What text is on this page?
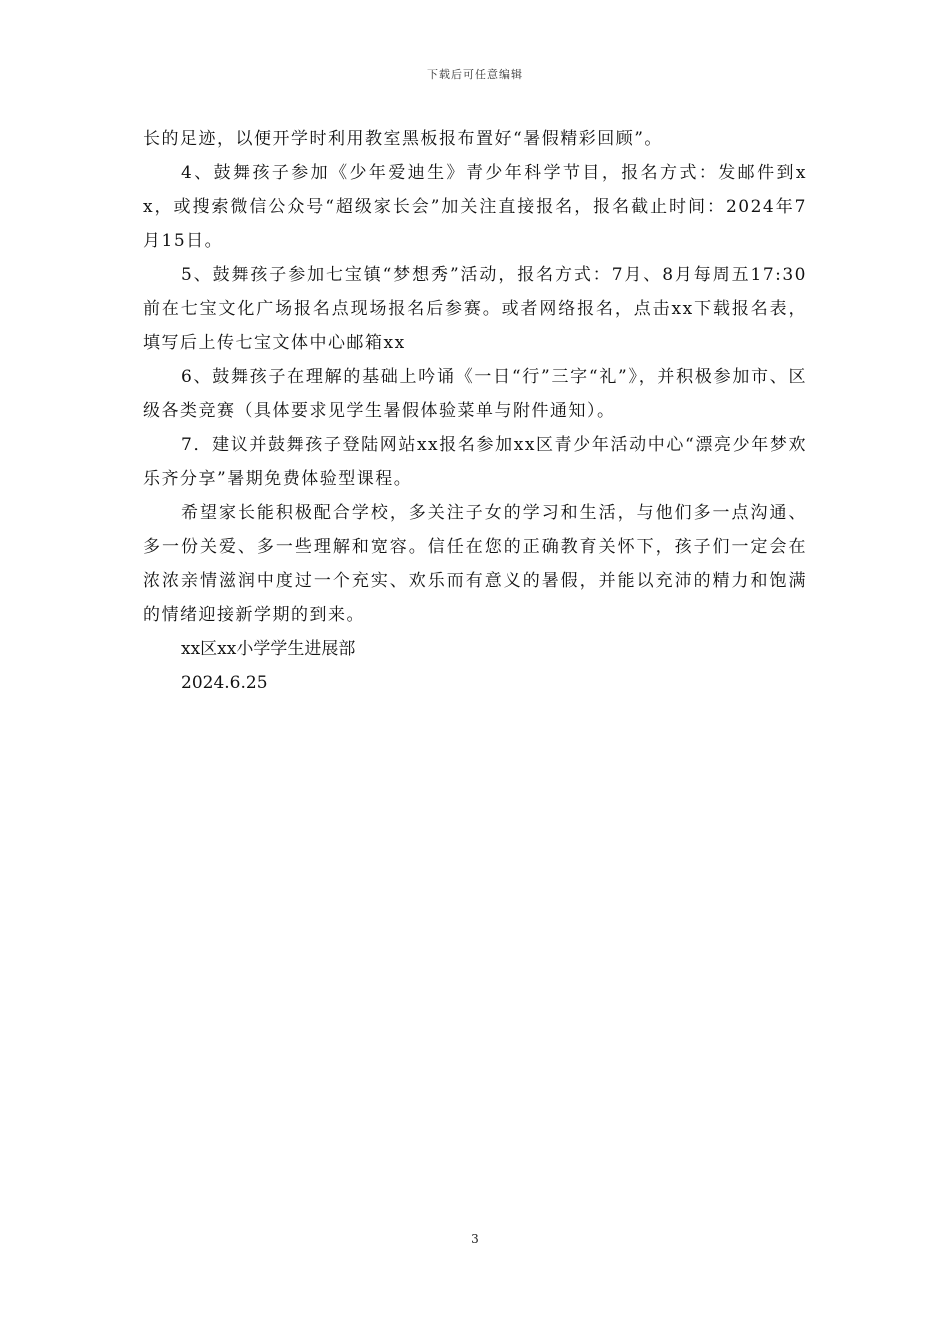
下载后可任意编辑

长的足迹，以便开学时利用教室黑板报布置好“暑假精彩回顾”。

4、鼓舞孩子参加《少年爱迪生》青少年科学节目，报名方式：发邮件到xx，或搜索微信公众号“超级家长会”加关注直接报名，报名截止时间：2024年7月15日。

5、鼓舞孩子参加七宝镇“梦想秀”活动，报名方式：7月、8月每周五17:30前在七宝文化广场报名点现场报名后参赛。或者网络报名，点击xx下载报名表，填写后上传七宝文体中心邮箱xx

6、鼓舞孩子在理解的基础上吟诵《一日“行”三字“礼”》，并积极参加市、区级各类竞赛（具体要求见学生暑假体验菜单与附件通知）。

7．建议并鼓舞孩子登陆网站xx报名参加xx区青少年活动中心“漂亮少年梦欢乐齐分享”暑期免费体验型课程。

希望家长能积极配合学校，多关注子女的学习和生活，与他们多一点沟通、多一份关爱、多一些理解和宽容。信任在您的正确教育关怀下，孩子们一定会在浓浓亲情滋润中度过一个充实、欢乐而有意义的暑假，并能以充沛的精力和饱满的情绪迎接新学期的到来。

xx区xx小学学生进展部

2024.6.25

3
